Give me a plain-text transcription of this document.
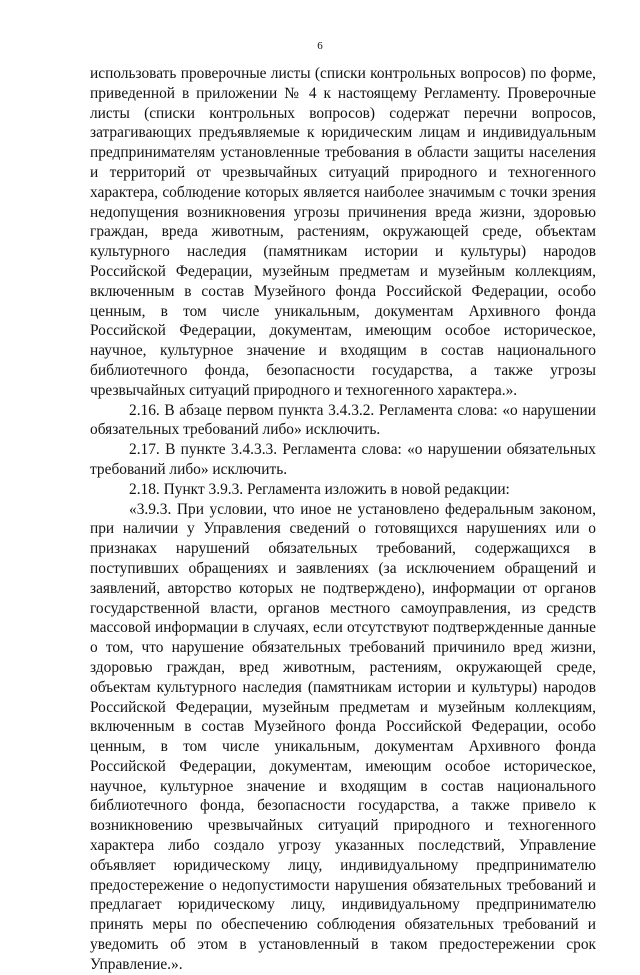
6

использовать проверочные листы (списки контрольных вопросов) по форме, приведенной в приложении № 4 к настоящему Регламенту. Проверочные листы (списки контрольных вопросов) содержат перечни вопросов, затрагивающих предъявляемые к юридическим лицам и индивидуальным предпринимателям установленные требования в области защиты населения и территорий от чрезвычайных ситуаций природного и техногенного характера, соблюдение которых является наиболее значимым с точки зрения недопущения возникновения угрозы причинения вреда жизни, здоровью граждан, вреда животным, растениям, окружающей среде, объектам культурного наследия (памятникам истории и культуры) народов Российской Федерации, музейным предметам и музейным коллекциям, включенным в состав Музейного фонда Российской Федерации, особо ценным, в том числе уникальным, документам Архивного фонда Российской Федерации, документам, имеющим особое историческое, научное, культурное значение и входящим в состав национального библиотечного фонда, безопасности государства, а также угрозы чрезвычайных ситуаций природного и техногенного характера.».

2.16. В абзаце первом пункта 3.4.3.2. Регламента слова: «о нарушении обязательных требований либо» исключить.

2.17. В пункте 3.4.3.3. Регламента слова: «о нарушении обязательных требований либо» исключить.

2.18. Пункт 3.9.3. Регламента изложить в новой редакции:

«3.9.3. При условии, что иное не установлено федеральным законом, при наличии у Управления сведений о готовящихся нарушениях или о признаках нарушений обязательных требований, содержащихся в поступивших обращениях и заявлениях (за исключением обращений и заявлений, авторство которых не подтверждено), информации от органов государственной власти, органов местного самоуправления, из средств массовой информации в случаях, если отсутствуют подтвержденные данные о том, что нарушение обязательных требований причинило вред жизни, здоровью граждан, вред животным, растениям, окружающей среде, объектам культурного наследия (памятникам истории и культуры) народов Российской Федерации, музейным предметам и музейным коллекциям, включенным в состав Музейного фонда Российской Федерации, особо ценным, в том числе уникальным, документам Архивного фонда Российской Федерации, документам, имеющим особое историческое, научное, культурное значение и входящим в состав национального библиотечного фонда, безопасности государства, а также привело к возникновению чрезвычайных ситуаций природного и техногенного характера либо создало угрозу указанных последствий, Управление объявляет юридическому лицу, индивидуальному предпринимателю предостережение о недопустимости нарушения обязательных требований и предлагает юридическому лицу, индивидуальному предпринимателю принять меры по обеспечению соблюдения обязательных требований и уведомить об этом в установленный в таком предостережении срок Управление.».
